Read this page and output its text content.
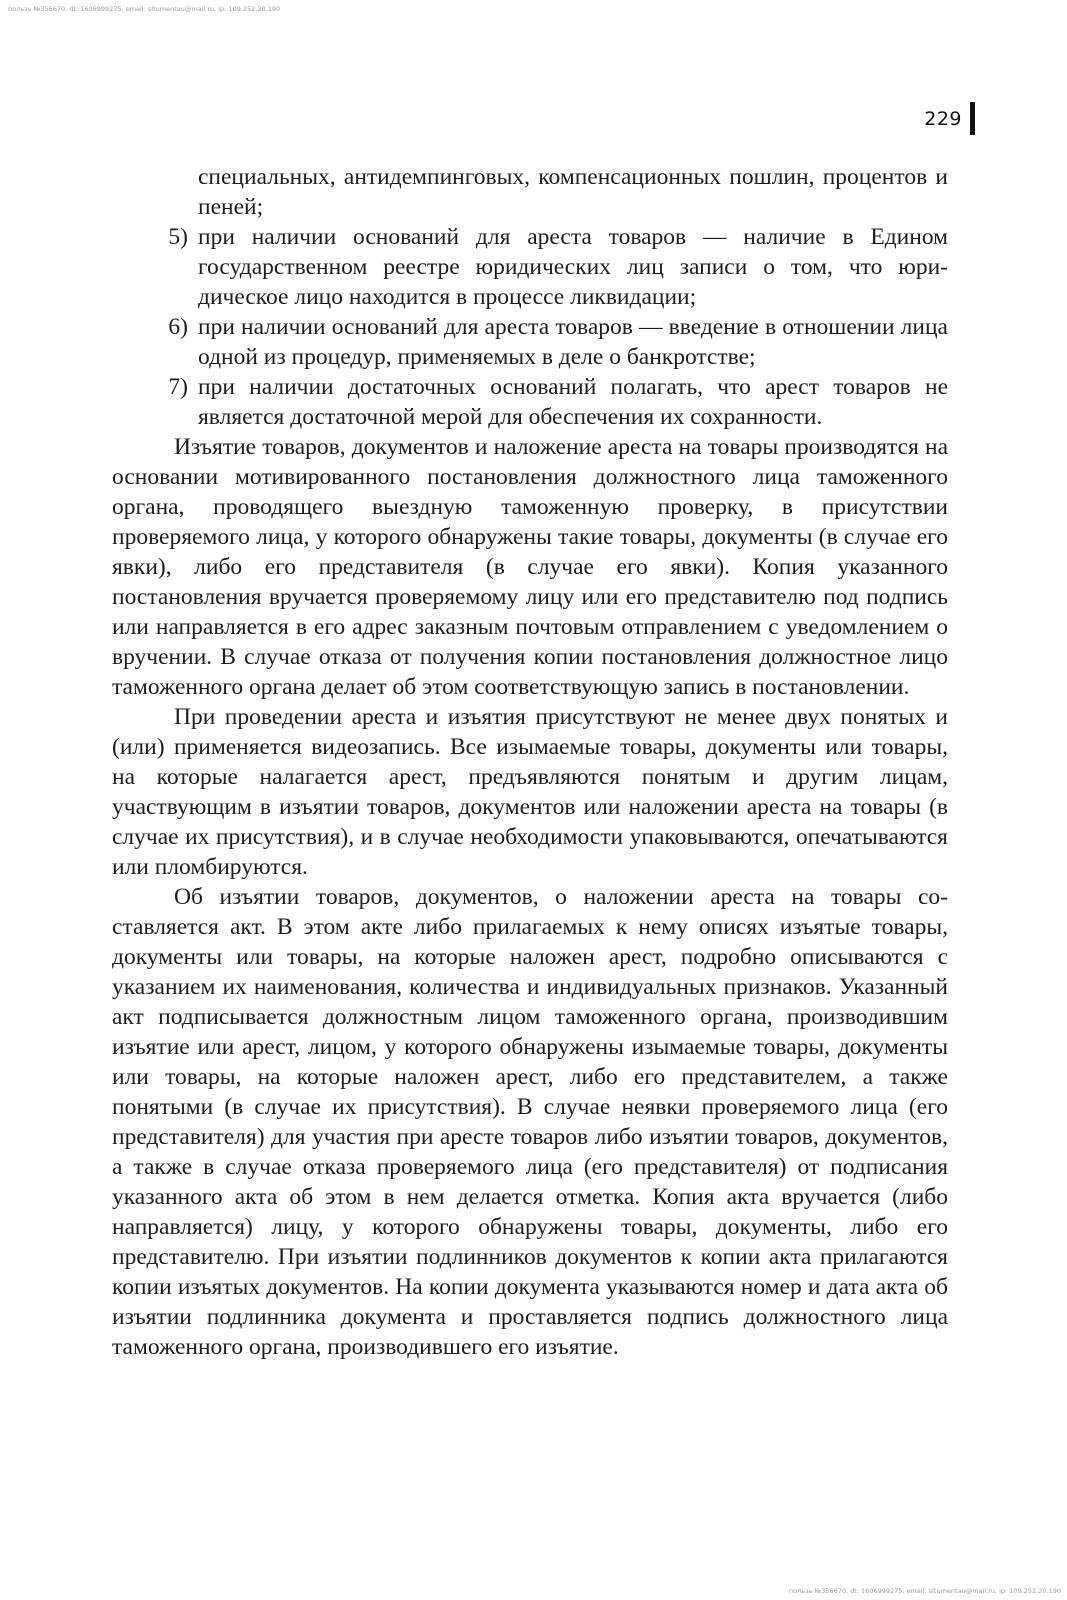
пользь №356670, dt: 1606999275, email: sltumentau@mail.ru, ip: 109.252.20.190
229

специальных, антидемпинговых, компенсационных пошлин, процентов и пеней;

5) при наличии оснований для ареста товаров — наличие в Едином государственном реестре юридических лиц записи о том, что юридическое лицо находится в процессе ликвидации;
6) при наличии оснований для ареста товаров — введение в отношении лица одной из процедур, применяемых в деле о банкротстве;
7) при наличии достаточных оснований полагать, что арест товаров не является достаточной мерой для обеспечения их сохранности.

Изъятие товаров, документов и наложение ареста на товары производятся на основании мотивированного постановления должностного лица таможенного органа, проводящего выездную таможенную проверку, в присутствии проверяемого лица, у которого обнаружены такие товары, документы (в случае его явки), либо его представителя (в случае его явки). Копия указанного постановления вручается проверяемому лицу или его представителю под подпись или направляется в его адрес заказным почтовым отправлением с уведомлением о вручении. В случае отказа от получения копии постановления должностное лицо таможенного органа делает об этом соответствующую запись в постановлении.

При проведении ареста и изъятия присутствуют не менее двух понятых и (или) применяется видеозапись. Все изымаемые товары, документы или товары, на которые налагается арест, предъявляются понятым и другим лицам, участвующим в изъятии товаров, документов или наложении ареста на товары (в случае их присутствия), и в случае необходимости упаковываются, опечатываются или пломбируются.

Об изъятии товаров, документов, о наложении ареста на товары составляется акт. В этом акте либо прилагаемых к нему описях изъятые товары, документы или товары, на которые наложен арест, подробно описываются с указанием их наименования, количества и индивидуальных признаков. Указанный акт подписывается должностным лицом таможенного органа, производившим изъятие или арест, лицом, у которого обнаружены изымаемые товары, документы или товары, на которые наложен арест, либо его представителем, а также понятыми (в случае их присутствия). В случае неявки проверяемого лица (его представителя) для участия при аресте товаров либо изъятии товаров, документов, а также в случае отказа проверяемого лица (его представителя) от подписания указанного акта об этом в нем делается отметка. Копия акта вручается (либо направляется) лицу, у которого обнаружены товары, документы, либо его представителю. При изъятии подлинников документов к копии акта прилагаются копии изъятых документов. На копии документа указываются номер и дата акта об изъятии подлинника документа и проставляется подпись должностного лица таможенного органа, производившего его изъятие.

пользь №356670, dt: 1606999275, email: sltumentau@mail.ru, ip: 109.252.20.190
